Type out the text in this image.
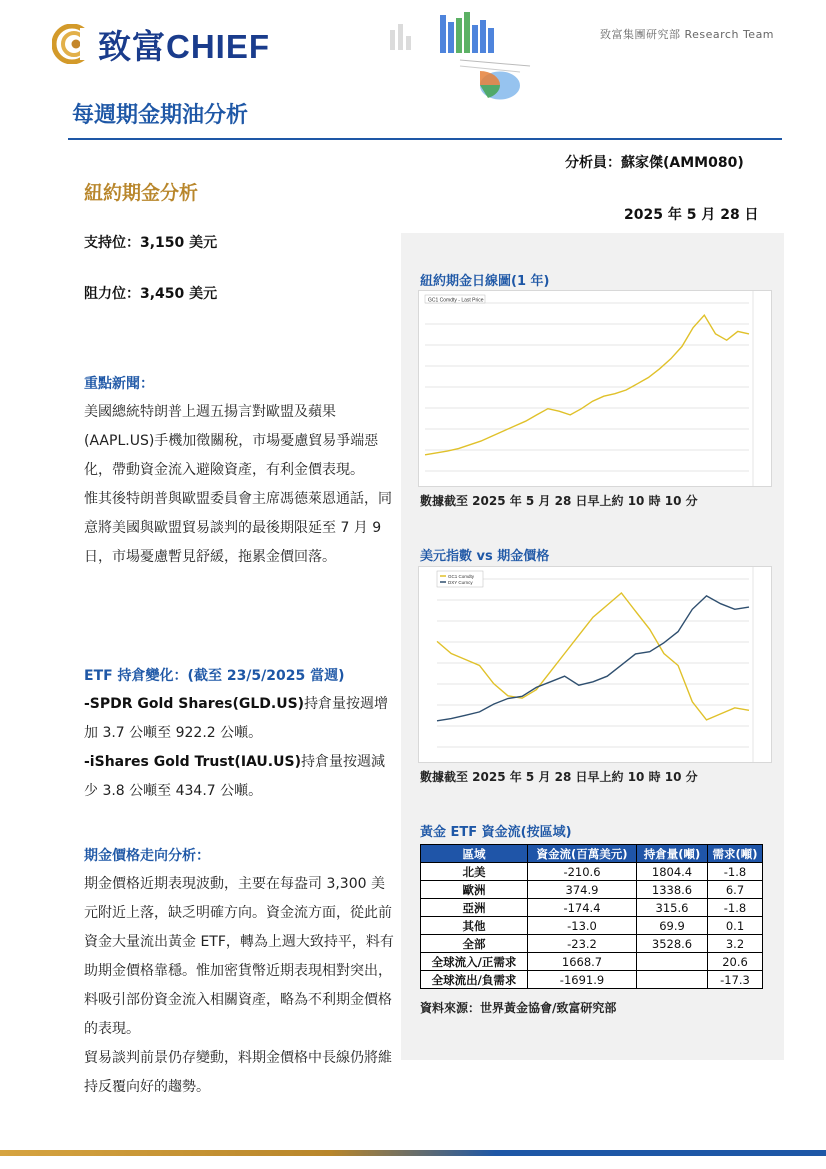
致富CHIEF	致富集團研究部 Research Team
每週期金期油分析
分析員：蘇家傑(AMM080)
2025 年 5 月 28 日
紐約期金分析
支持位：3,150 美元
阻力位：3,450 美元
重點新聞：

美國總統特朗普上週五揚言對歐盟及蘋果(AAPL.US)手機加徵關稅，市場憂慮貿易爭端惡化，帶動資金流入避險資產，有利金價表現。

惟其後特朗普與歐盟委員會主席馮德萊恩通話，同意將美國與歐盟貿易談判的最後期限延至 7 月 9 日，市場憂慮暫見舒緩，拖累金價回落。

ETF 持倉變化：(截至 23/5/2025 當週)

-SPDR Gold Shares(GLD.US)持倉量按週增加 3.7 公噸至 922.2 公噸。

-iShares Gold Trust(IAU.US)持倉量按週減少 3.8 公噸至 434.7 公噸。

期金價格走向分析：

期金價格近期表現波動，主要在每盎司 3,300 美元附近上落，缺乏明確方向。資金流方面，從此前資金大量流出黃金 ETF，轉為上週大致持平，料有助期金價格靠穩。惟加密貨幣近期表現相對突出，料吸引部份資金流入相關資產，略為不利期金價格的表現。

貿易談判前景仍存變動，料期金價格中長線仍將維持反覆向好的趨勢。

紐約期金日線圖(1 年)
GC1 Comdty - Last Price
數據截至 2025 年 5 月 28 日早上約 10 時 10 分
美元指數 vs 期金價格
GC1 Comdty
DXY Curncy
數據截至 2025 年 5 月 28 日早上約 10 時 10 分
黃金 ETF 資金流(按區域)
區域	資金流(百萬美元)	持倉量(噸)	需求(噸)
北美	-210.6	1804.4	-1.8
歐洲	374.9	1338.6	6.7
亞洲	-174.4	315.6	-1.8
其他	-13.0	69.9	0.1
全部	-23.2	3528.6	3.2
全球流入/正需求	1668.7		20.6
全球流出/負需求	-1691.9		-17.3
資料來源：世界黃金協會/致富研究部
